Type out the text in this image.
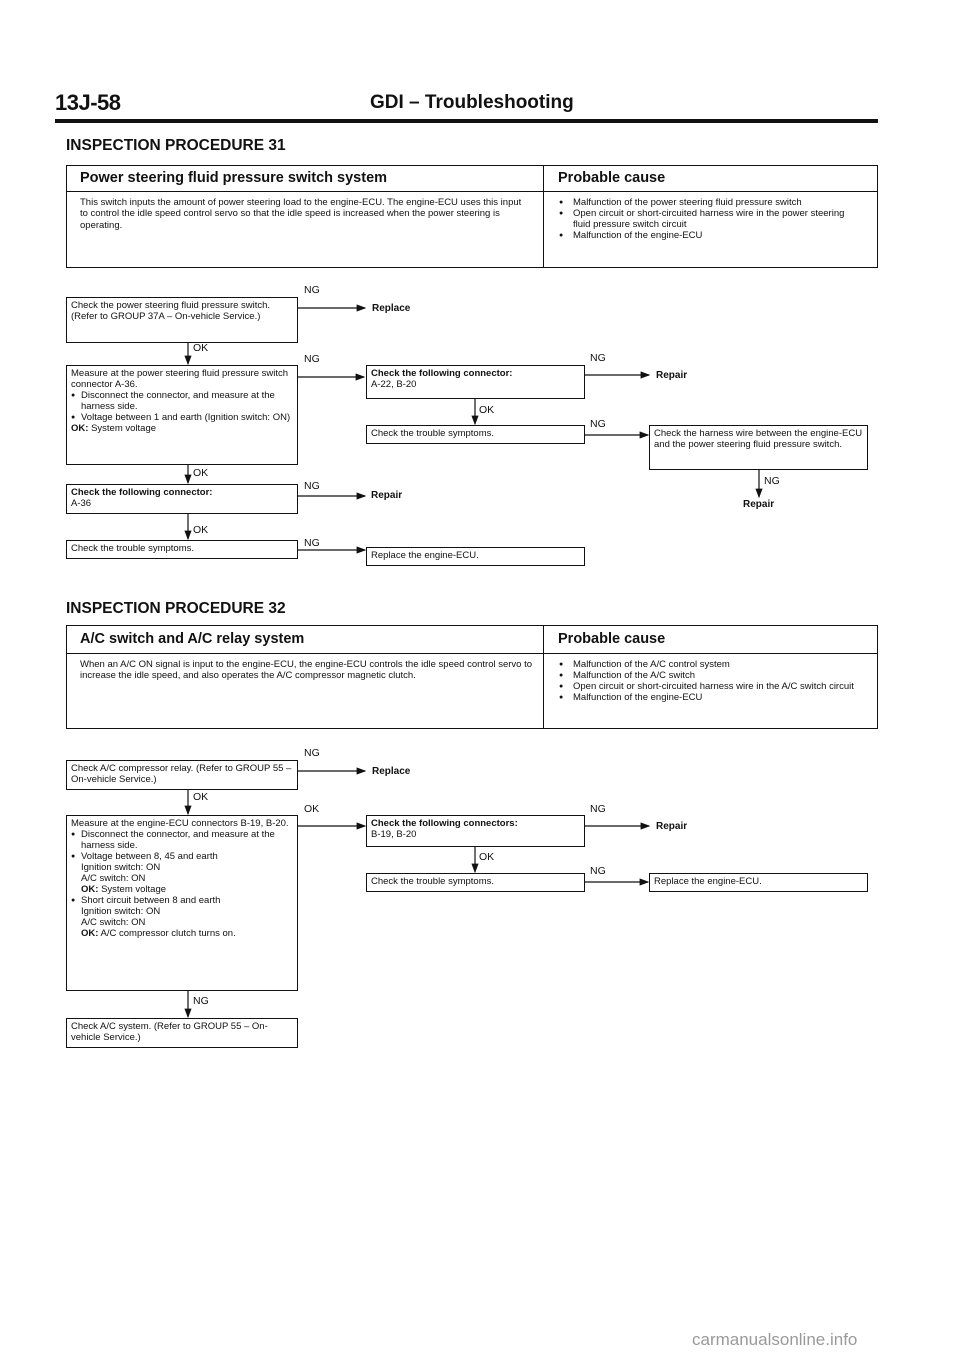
13J-58	GDI – Troubleshooting
INSPECTION PROCEDURE 31
Power steering fluid pressure switch system	Probable cause
This switch inputs the amount of power steering load to the engine-ECU. The engine-ECU uses this input to control the idle speed control servo so that the idle speed is increased when the power steering is operating.
● Malfunction of the power steering fluid pressure switch
● Open circuit or short-circuited harness wire in the power steering fluid pressure switch circuit
● Malfunction of the engine-ECU
Check the power steering fluid pressure switch. (Refer to GROUP 37A – On-vehicle Service.)
Measure at the power steering fluid pressure switch connector A-36.
● Disconnect the connector, and measure at the harness side.
● Voltage between 1 and earth (Ignition switch: ON)
OK: System voltage
Check the following connector:
A-36
Check the trouble symptoms.
Check the following connector:
A-22, B-20
Check the trouble symptoms.	Check the harness wire between the engine-ECU and the power steering fluid pressure switch.
Replace the engine-ECU.
Replace
Repair
Repair
Repair
NG
OK
NG	NG
OK
NG
OK
NG
NG
OK
NG
INSPECTION PROCEDURE 32
A/C switch and A/C relay system	Probable cause
When an A/C ON signal is input to the engine-ECU, the engine-ECU controls the idle speed control servo to increase the idle speed, and also operates the A/C compressor magnetic clutch.
● Malfunction of the A/C control system
● Malfunction of the A/C switch
● Open circuit or short-circuited harness wire in the A/C switch circuit
● Malfunction of the engine-ECU
Check A/C compressor relay. (Refer to GROUP 55 – On-vehicle Service.)
Measure at the engine-ECU connectors B-19, B-20.
● Disconnect the connector, and measure at the harness side.
● Voltage between 8, 45 and earth
Ignition switch: ON
A/C switch: ON
OK: System voltage
● Short circuit between 8 and earth
Ignition switch: ON
A/C switch: ON
OK: A/C compressor clutch turns on.
Check A/C system. (Refer to GROUP 55 – On-vehicle Service.)
Check the following connectors:
B-19, B-20
Check the trouble symptoms.	Replace the engine-ECU.
Replace
Repair
NG
OK
OK	NG
OK
NG
NG
carmanualsonline.info
